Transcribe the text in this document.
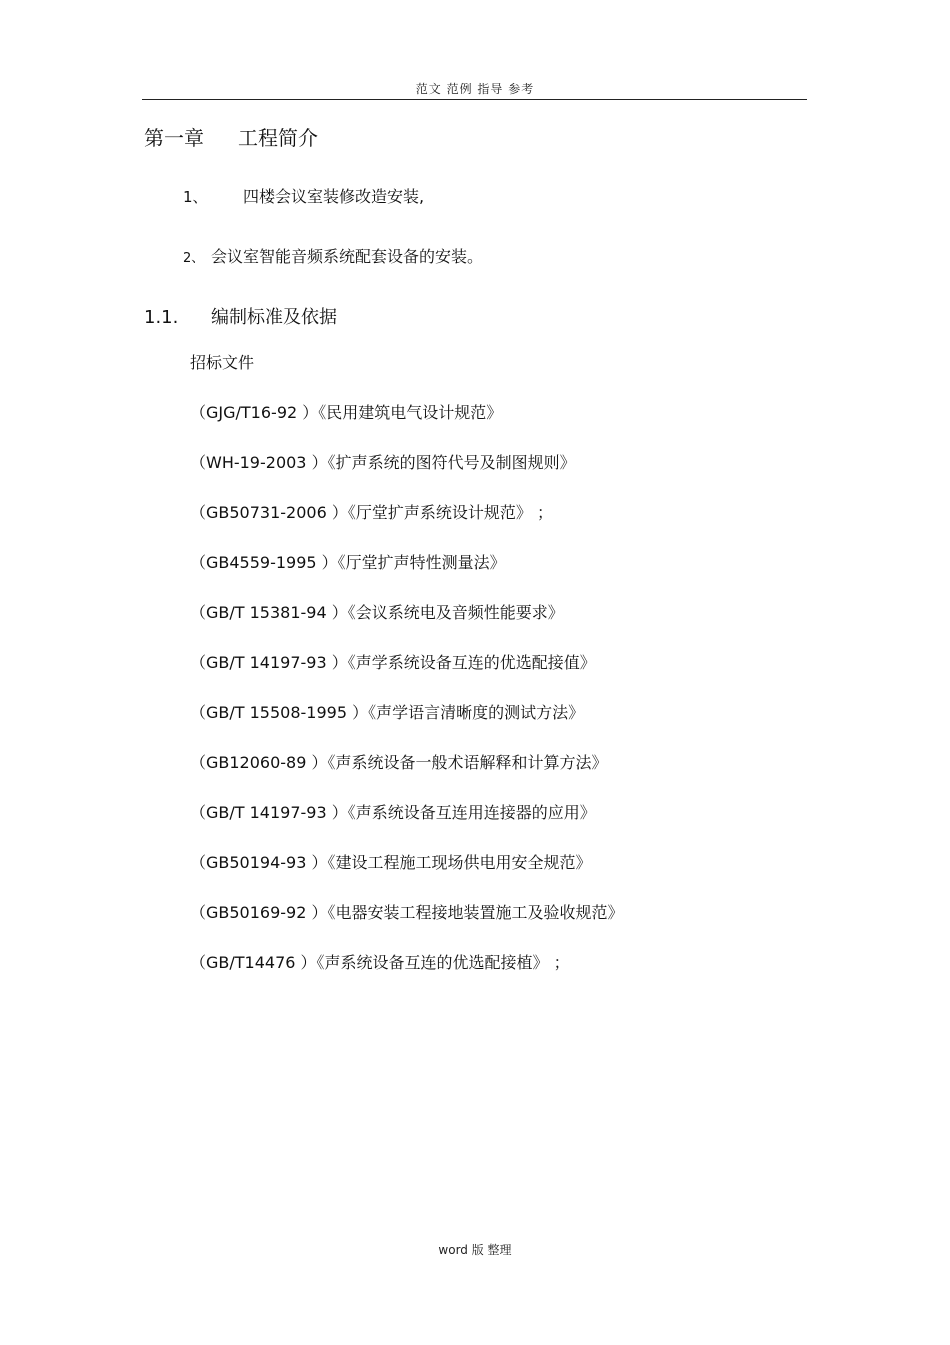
范文 范例 指导 参考
第一章 工程简介
1、 四楼会议室装修改造安装,
2、 会议室智能音频系统配套设备的安装。
1.1. 编制标准及依据
招标文件
（GJG/T16-92 ）《民用建筑电气设计规范》
（WH-19-2003 ）《扩声系统的图符代号及制图规则》
（GB50731-2006 ）《厅堂扩声系统设计规范》 ；
（GB4559-1995 ）《厅堂扩声特性测量法》
（GB/T 15381-94 ）《会议系统电及音频性能要求》
（GB/T 14197-93 ）《声学系统设备互连的优选配接值》
（GB/T 15508-1995 ）《声学语言清晰度的测试方法》
（GB12060-89 ）《声系统设备一般术语解释和计算方法》
（GB/T 14197-93 ）《声系统设备互连用连接器的应用》
（GB50194-93 ）《建设工程施工现场供电用安全规范》
（GB50169-92 ）《电器安装工程接地装置施工及验收规范》
（GB/T14476 ）《声系统设备互连的优选配接植》 ；
word 版 整理
